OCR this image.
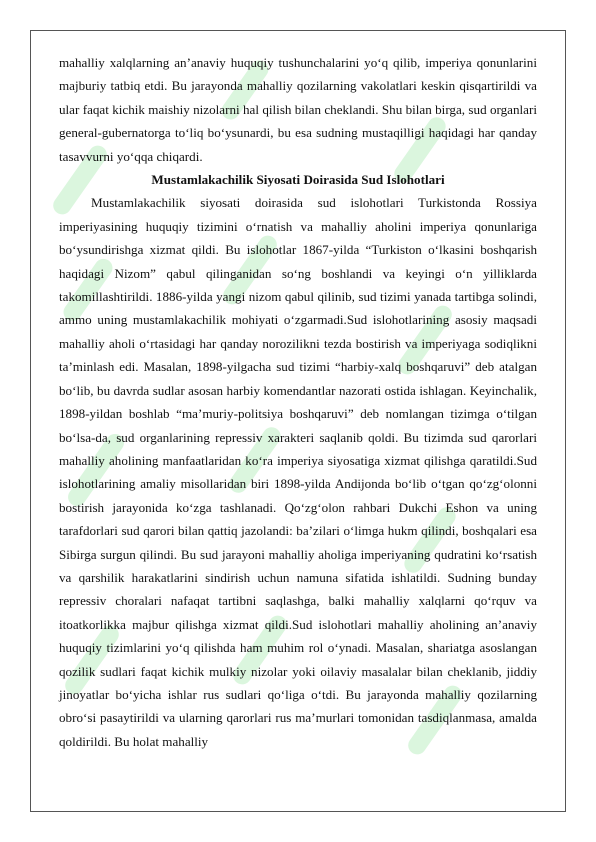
mahalliy xalqlarning an’anaviy huquqiy tushunchalarini yo‘q qilib, imperiya qonunlarini majburiy tatbiq etdi. Bu jarayonda mahalliy qozilarning vakolatlari keskin qisqartirildi va ular faqat kichik maishiy nizolarni hal qilish bilan cheklandi. Shu bilan birga, sud organlari general-gubernatorga to‘liq bo‘ysunardi, bu esa sudning mustaqilligi haqidagi har qanday tasavvurni yo‘qqa chiqardi.

Mustamlakachilik Siyosati Doirasida Sud Islohotlari

Mustamlakachilik siyosati doirasida sud islohotlari Turkistonda Rossiya imperiyasining huquqiy tizimini o‘rnatish va mahalliy aholini imperiya qonunlariga bo‘ysundirishga xizmat qildi. Bu islohotlar 1867-yilda “Turkiston o‘lkasini boshqarish haqidagi Nizom” qabul qilinganidan so‘ng boshlandi va keyingi o‘n yilliklarda takomillashtirildi. 1886-yilda yangi nizom qabul qilinib, sud tizimi yanada tartibga solindi, ammo uning mustamlakachilik mohiyati o‘zgarmadi.Sud islohotlarining asosiy maqsadi mahalliy aholi o‘rtasidagi har qanday norozilikni tezda bostirish va imperiyaga sodiqlikni ta’minlash edi. Masalan, 1898-yilgacha sud tizimi “harbiy-xalq boshqaruvi” deb atalgan bo‘lib, bu davrda sudlar asosan harbiy komendantlar nazorati ostida ishlagan. Keyinchalik, 1898-yildan boshlab “ma’muriy-politsiya boshqaruvi” deb nomlangan tizimga o‘tilgan bo‘lsa-da, sud organlarining repressiv xarakteri saqlanib qoldi. Bu tizimda sud qarorlari mahalliy aholining manfaatlaridan ko‘ra imperiya siyosatiga xizmat qilishga qaratildi.Sud islohotlarining amaliy misollaridan biri 1898-yilda Andijonda bo‘lib o‘tgan qo‘zg‘olonni bostirish jarayonida ko‘zga tashlanadi. Qo‘zg‘olon rahbari Dukchi Eshon va uning tarafdorlari sud qarori bilan qattiq jazolandi: ba’zilari o‘limga hukm qilindi, boshqalari esa Sibirga surgun qilindi. Bu sud jarayoni mahalliy aholiga imperiyaning qudratini ko‘rsatish va qarshilik harakatlarini sindirish uchun namuna sifatida ishlatildi. Sudning bunday repressiv choralari nafaqat tartibni saqlashga, balki mahalliy xalqlarni qo‘rquv va itoatkorlikka majbur qilishga xizmat qildi.Sud islohotlari mahalliy aholining an’anaviy huquqiy tizimlarini yo‘q qilishda ham muhim rol o‘ynadi. Masalan, shariatga asoslangan qozilik sudlari faqat kichik mulkiy nizolar yoki oilaviy masalalar bilan cheklanib, jiddiy jinoyatlar bo‘yicha ishlar rus sudlari qo‘liga o‘tdi. Bu jarayonda mahalliy qozilarning obro‘si pasaytirildi va ularning qarorlari rus ma’murlari tomonidan tasdiqlanmasa, amalda qoldirildi. Bu holat mahalliy
